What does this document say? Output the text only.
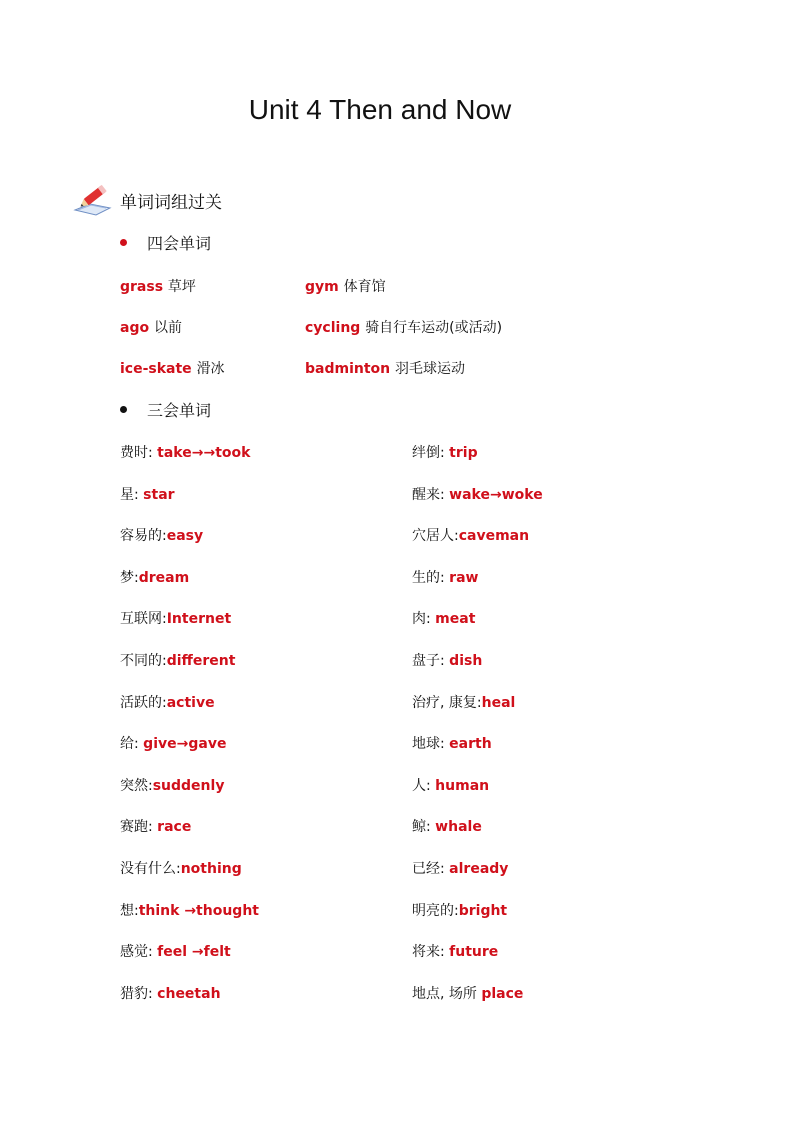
Unit 4 Then and Now
单词词组过关
四会单词
grass 草坪	gym 体育馆
ago 以前	cycling 骑自行车运动(或活动)
ice-skate 滑冰	badminton 羽毛球运动
三会单词
费时: take→→took	绊倒: trip
星: star	醒来: wake→woke
容易的:easy	穴居人:caveman
梦:dream	生的: raw
互联网:Internet	肉: meat
不同的:different	盘子: dish
活跃的:active	治疗, 康复:heal
给: give→gave	地球: earth
突然:suddenly	人: human
赛跑: race	鲸: whale
没有什么:nothing	已经: already
想:think →thought	明亮的:bright
感觉: feel →felt	将来: future
猎豹: cheetah	地点, 场所 place
